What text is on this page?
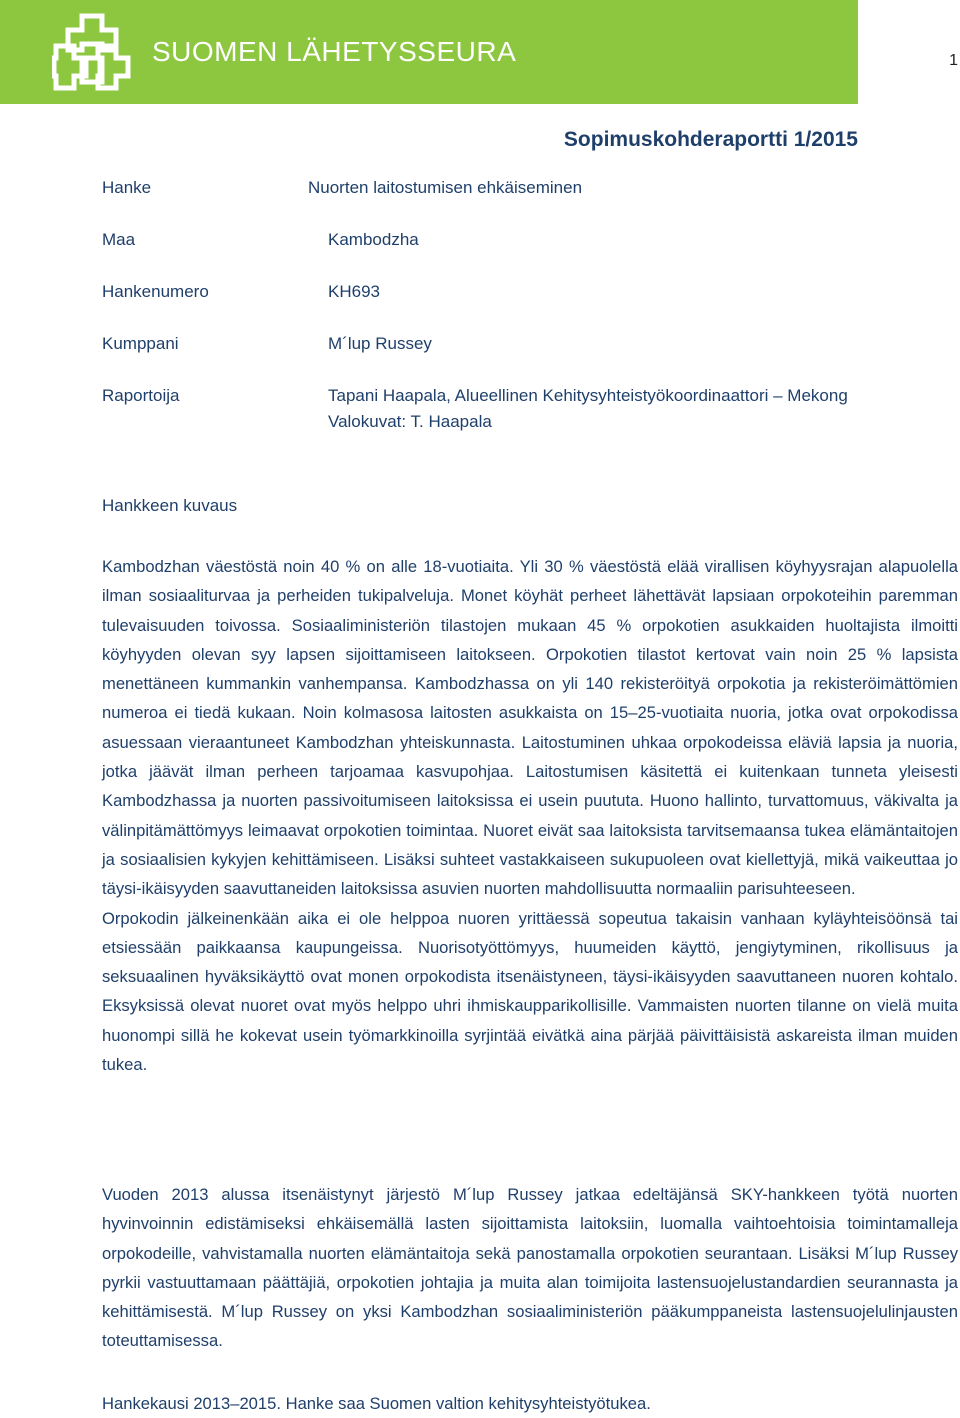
SUOMEN LÄHETYSSEURA	1
Sopimuskohderaportti 1/2015
Hanke	Nuorten laitostumisen ehkäiseminen
Maa	Kambodzha
Hankenumero	KH693
Kumppani	M´lup Russey
Raportoija	Tapani Haapala, Alueellinen Kehitysyhteistyökoordinaattori – Mekong
Valokuvat: T. Haapala
Hankkeen kuvaus

Kambodzhan väestöstä noin 40 % on alle 18-vuotiaita. Yli 30 % väestöstä elää virallisen köyhyysrajan alapuolella ilman sosiaaliturvaa ja perheiden tukipalveluja. Monet köyhät perheet lähettävät lapsiaan orpokoteihin paremman tulevaisuuden toivossa. Sosiaaliministeriön tilastojen mukaan 45 % orpokotien asukkaiden huoltajista ilmoitti köyhyyden olevan syy lapsen sijoittamiseen laitokseen. Orpokotien tilastot kertovat vain noin 25 % lapsista menettäneen kummankin vanhempansa. Kambodzhassa on yli 140 rekisteröityä orpokotia ja rekisteröimättömien numeroa ei tiedä kukaan. Noin kolmasosa laitosten asukkaista on 15–25-vuotiaita nuoria, jotka ovat orpokodissa asuessaan vieraantuneet Kambodzhan yhteiskunnasta. Laitostuminen uhkaa orpokodeissa eläviä lapsia ja nuoria, jotka jäävät ilman perheen tarjoamaa kasvupohjaa. Laitostumisen käsitettä ei kuitenkaan tunneta yleisesti Kambodzhassa ja nuorten passivoitumiseen laitoksissa ei usein puututa. Huono hallinto, turvattomuus, väkivalta ja välinpitämättömyys leimaavat orpokotien toimintaa. Nuoret eivät saa laitoksista tarvitsemaansa tukea elämäntaitojen ja sosiaalisien kykyjen kehittämiseen. Lisäksi suhteet vastakkaiseen sukupuoleen ovat kiellettyjä, mikä vaikeuttaa jo täysi-ikäisyyden saavuttaneiden laitoksissa asuvien nuorten mahdollisuutta normaaliin parisuhteeseen.

Orpokodin jälkeinenkään aika ei ole helppoa nuoren yrittäessä sopeutua takaisin vanhaan kyläyhteisöönsä tai etsiessään paikkaansa kaupungeissa. Nuorisotyöttömyys, huumeiden käyttö, jengiytyminen, rikollisuus ja seksuaalinen hyväksikäyttö ovat monen orpokodista itsenäistyneen, täysi-ikäisyyden saavuttaneen nuoren kohtalo. Eksyksissä olevat nuoret ovat myös helppo uhri ihmiskaupparikollisille. Vammaisten nuorten tilanne on vielä muita huonompi sillä he kokevat usein työmarkkinoilla syrjintää eivätkä aina pärjää päivittäisistä askareista ilman muiden tukea.

Vuoden 2013 alussa itsenäistynyt järjestö M´lup Russey jatkaa edeltäjänsä SKY-hankkeen työtä nuorten hyvinvoinnin edistämiseksi ehkäisemällä lasten sijoittamista laitoksiin, luomalla vaihtoehtoisia toimintamalleja orpokodeille, vahvistamalla nuorten elämäntaitoja sekä panostamalla orpokotien seurantaan. Lisäksi M´lup Russey pyrkii vastuuttamaan päättäjiä, orpokotien johtajia ja muita alan toimijoita lastensuojelustandardien seurannasta ja kehittämisestä. M´lup Russey on yksi Kambodzhan sosiaaliministeriön pääkumppaneista lastensuojelulinjausten toteuttamisessa.

Hankekausi 2013–2015. Hanke saa Suomen valtion kehitysyhteistyötukea.
